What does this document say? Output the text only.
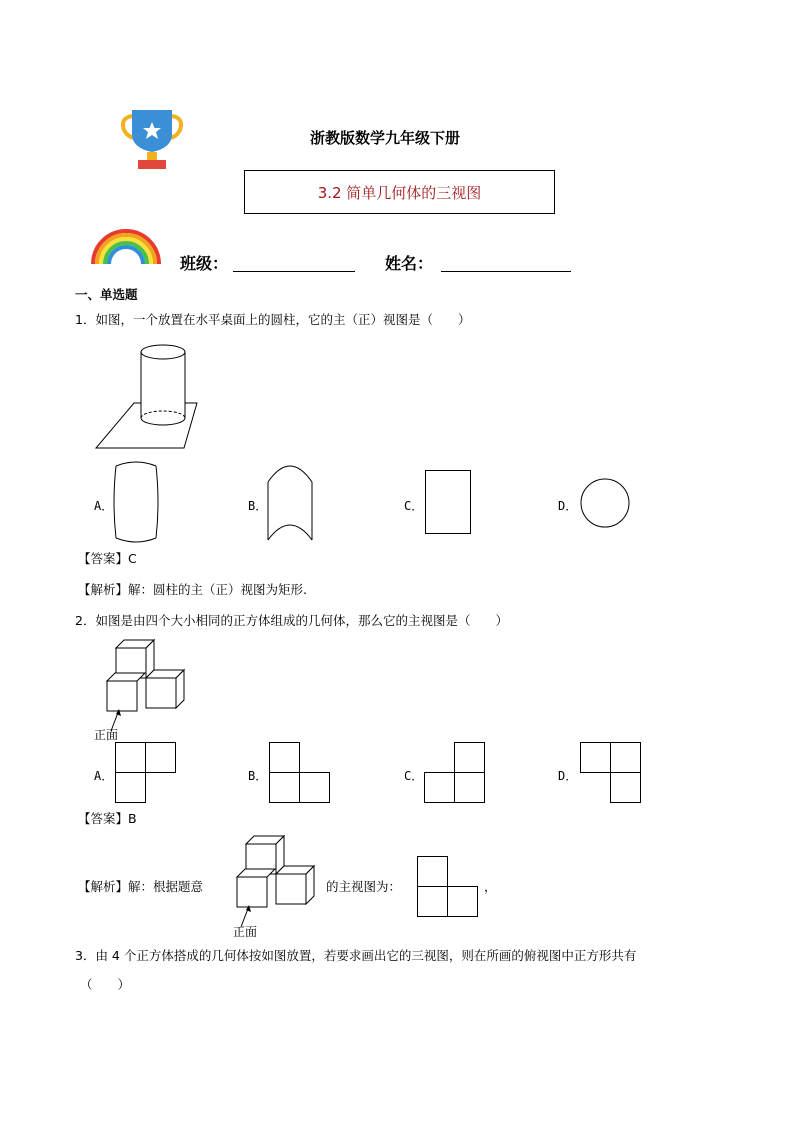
浙教版数学九年级下册
3.2 简单几何体的三视图
班级：	姓名：
一、单选题
1．如图，一个放置在水平桌面上的圆柱，它的主（正）视图是（　　）
A．	B．	C．	D．
【答案】C
【解析】解：圆柱的主（正）视图为矩形.
2．如图是由四个大小相同的正方体组成的几何体，那么它的主视图是（　　）
正面
A．	B．	C．	D．
【答案】B
【解析】解：根据题意
正面
的主视图为：	，
3．由 4 个正方体搭成的几何体按如图放置，若要求画出它的三视图，则在所画的俯视图中正方形共有
（　　）
